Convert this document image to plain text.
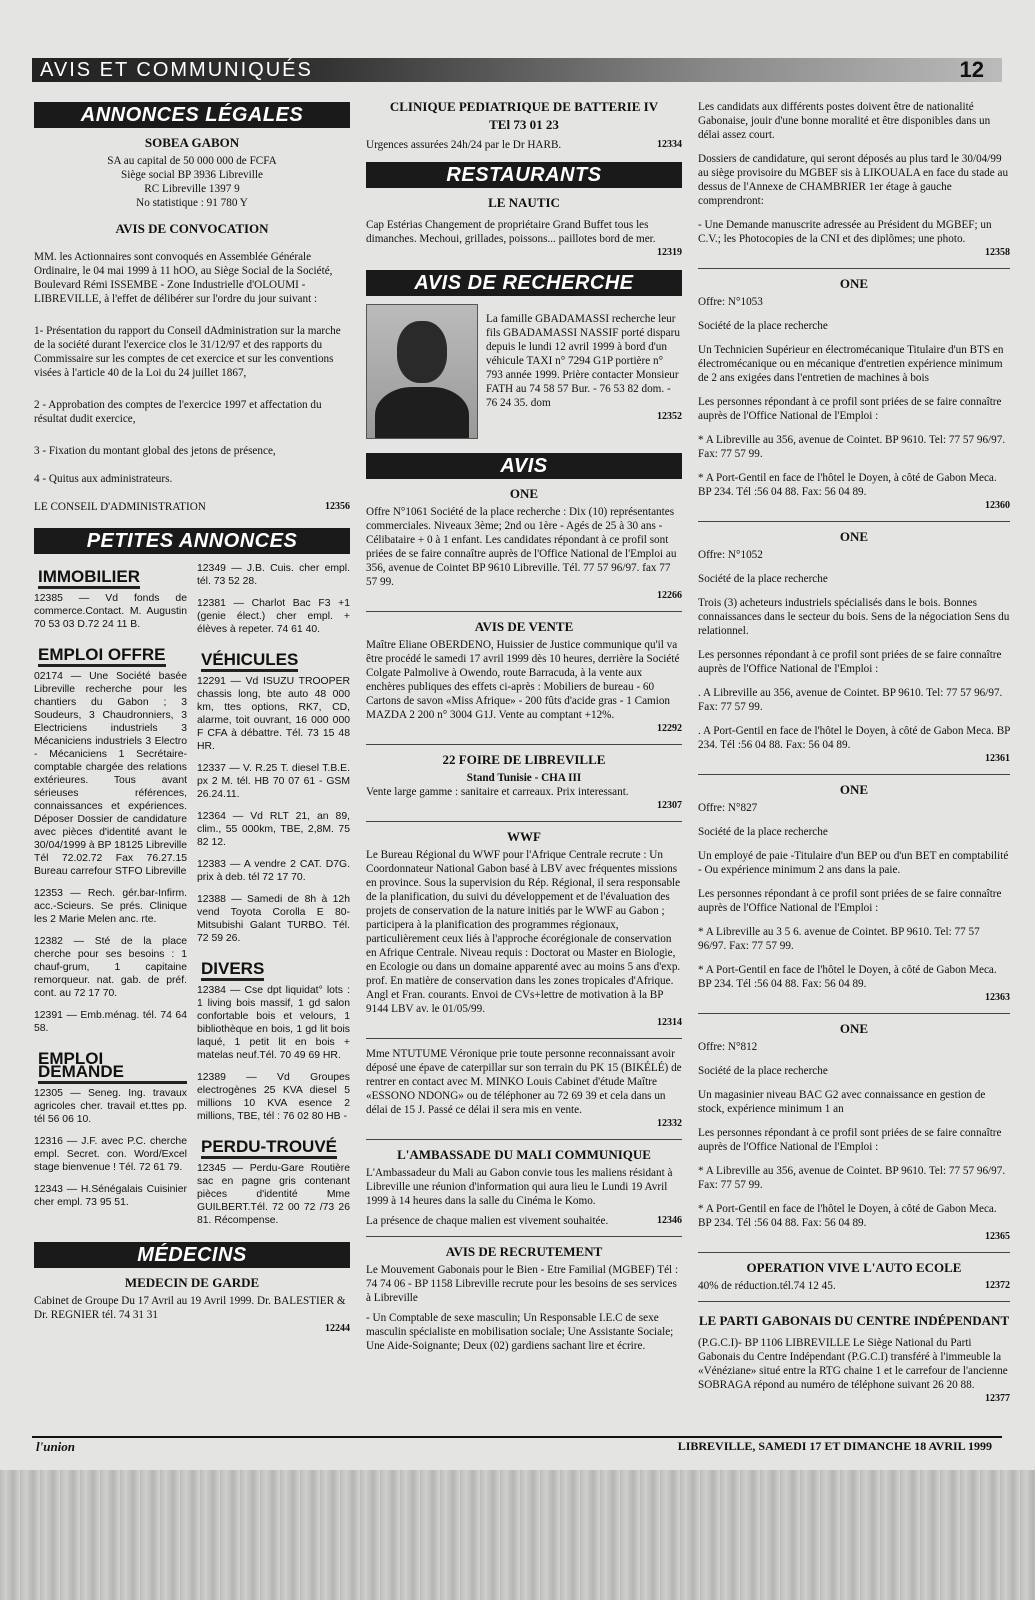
AVIS ET COMMUNIQUÉS	12
ANNONCES LÉGALES
SOBEA GABON
SA au capital de 50 000 000 de FCFA
Siège social BP 3936 Libreville
RC Libreville 1397 9
No statistique : 91 780 Y
AVIS DE CONVOCATION

MM. les Actionnaires sont convoqués en Assemblée Générale Ordinaire, le 04 mai 1999 à 11 hOO, au Siège Social de la Société, Boulevard Rémi ISSEMBE - Zone Industrielle d'OLOUMI - LIBREVILLE, à l'effet de délibérer sur l'ordre du jour suivant :

1- Présentation du rapport du Conseil dAdministration sur la marche de la société durant l'exercice clos le 31/12/97 et des rapports du Commissaire sur les comptes de cet exercice et sur les conventions visées à l'article 40 de la Loi du 24 juillet 1867,

2 - Approbation des comptes de l'exercice 1997 et affectation du résultat dudit exercice,

3 - Fixation du montant global des jetons de présence,

4 - Quitus aux administrateurs.

LE CONSEIL D'ADMINISTRATION	12356
PETITES ANNONCES
IMMOBILIER

12385 — Vd fonds de commerce.Contact. M. Augustin 70 53 03 D.72 24 11 B.

EMPLOI OFFRE

02174 — Une Société basée Libreville recherche pour les chantiers du Gabon ; 3 Soudeurs, 3 Chaudronniers, 3 Electriciens industriels 3 Mécaniciens industriels 3 Electro - Mécaniciens 1 Secrétaire-comptable chargée des relations extérieures. Tous avant sérieuses références, connaissances et expériences. Déposer Dossier de candidature avec pièces d'identité avant le 30/04/1999 à BP 18125 Libreville Tél 72.02.72 Fax 76.27.15 Bureau carrefour STFO Libreville

12353 — Rech. gér.bar-Infirm. acc.-Scieurs. Se prés. Clinique les 2 Marie Melen anc. rte.

12382 — Sté de la place cherche pour ses besoins : 1 chauf-grum, 1 capitaine remorqueur. nat. gab. de préf. cont. au 72 17 70.

12391 — Emb.ménag. tél. 74 64 58.

EMPLOI DEMANDE

12305 — Seneg. Ing. travaux agricoles cher. travail et.ttes pp. tél 56 06 10.

12316 — J.F. avec P.C. cherche empl. Secret. con. Word/Excel stage bienvenue ! Tél. 72 61 79.

12343 — H.Sénégalais Cuisinier cher empl. 73 95 51.

12349 — J.B. Cuis. cher empl. tél. 73 52 28.

12381 — Charlot Bac F3 +1 (genie élect.) cher empl. + élèves à repeter. 74 61 40.

VÉHICULES

12291 — Vd ISUZU TROOPER chassis long, bte auto 48 000 km, ttes options, RK7, CD, alarme, toit ouvrant, 16 000 000 F CFA à débattre. Tél. 73 15 48 HR.

12337 — V. R.25 T. diesel T.B.E. px 2 M. tél. HB 70 07 61 - GSM 26.24.11.

12364 — Vd RLT 21, an 89, clim., 55 000km, TBE, 2,8M. 75 82 12.

12383 — A vendre 2 CAT. D7G. prix à deb. tél 72 17 70.

12388 — Samedi de 8h à 12h vend Toyota Corolla E 80- Mitsubishi Galant TURBO. Tél. 72 59 26.

DIVERS

12384 — Cse dpt liquidat° lots : 1 living bois massif, 1 gd salon confortable bois et velours, 1 bibliothèque en bois, 1 gd lit bois laqué, 1 petit lit en bois + matelas neuf.Tél. 70 49 69 HR.

12389 — Vd Groupes electrogènes 25 KVA diesel 5 millions 10 KVA esence 2 millions, TBE, tél : 76 02 80 HB -

PERDU-TROUVÉ

12345 — Perdu-Gare Routière sac en pagne gris contenant pièces d'identité Mme GUILBERT.Tél. 72 00 72 /73 26 81. Récompense.

MÉDECINS
MEDECIN DE GARDE
Cabinet de Groupe Du 17 Avril au 19 Avril 1999. Dr. BALESTIER & Dr. REGNIER tél. 74 31 31
12244
CLINIQUE PEDIATRIQUE DE BATTERIE IV
TEl 73 01 23
Urgences assurées 24h/24 par le Dr HARB.	12334
RESTAURANTS
LE NAUTIC
Cap Estérias Changement de propriétaire Grand Buffet tous les dimanches. Mechoui, grillades, poissons... paillotes bord de mer.
12319
AVIS DE RECHERCHE
La famille GBADAMASSI recherche leur fils GBADAMASSI NASSIF porté disparu depuis le lundi 12 avril 1999 à bord d'un véhicule TAXI n° 7294 G1P portière n° 793 année 1999. Prière contacter Monsieur FATH au 74 58 57 Bur. - 76 53 82 dom. - 76 24 35. dom
12352
AVIS
ONE
Offre N°1061 Société de la place recherche : Dix (10) représentantes commerciales. Niveaux 3ème; 2nd ou 1ère - Agés de 25 à 30 ans - Célibataire + 0 à 1 enfant. Les candidates répondant à ce profil sont priées de se faire connaître auprès de l'Office National de l'Emploi au 356, avenue de Cointet BP 9610 Libreville. Tél. 77 57 96/97. fax 77 57 99.
12266
AVIS DE VENTE
Maître Eliane OBERDENO, Huissier de Justice communique qu'il va être procédé le samedi 17 avril 1999 dès 10 heures, derrière la Société Colgate Palmolive à Owendo, route Barracuda, à la vente aux enchères publiques des effets ci-après : Mobiliers de bureau - 60 Cartons de savon «Miss Afrique» - 200 fûts d'acide gras - 1 Camion MAZDA 2 200 n° 3004 G1J. Vente au comptant +12%.
12292
22 FOIRE DE LIBREVILLE
Stand Tunisie - CHA III
Vente large gamme : sanitaire et carreaux. Prix interessant.
12307
WWF
Le Bureau Régional du WWF pour l'Afrique Centrale recrute : Un Coordonnateur National Gabon basé à LBV avec fréquentes missions en province. Sous la supervision du Rép. Régional, il sera responsable de la planification, du suivi du développement et de l'évaluation des projets de conservation de la nature initiés par le WWF au Gabon ; participera à la planification des programmes régionaux, particulièrement ceux liés à l'approche écorégionale de conservation en Afrique Centrale. Niveau requis : Doctorat ou Master en Biologie, en Ecologie ou dans un domaine apparenté avec au moins 5 ans d'exp. prof. En matière de conservation dans les zones tropicales d'Afrique. Angl et Fran. courants. Envoi de CVs+lettre de motivation à la BP 9144 LBV av. le 01/05/99.
12314
Mme NTUTUME Véronique prie toute personne reconnaissant avoir déposé une épave de caterpillar sur son terrain du PK 15 (BIKÉLÉ) de rentrer en contact avec M. MINKO Louis Cabinet d'étude Maître «ESSONO NDONG» ou de téléphoner au 72 69 39 et cela dans un délai de 15 J. Passé ce délai il sera mis en vente.
12332
L'AMBASSADE DU MALI COMMUNIQUE
L'Ambassadeur du Mali au Gabon convie tous les maliens résidant à Libreville une réunion d'information qui aura lieu le Lundi 19 Avril 1999 à 14 heures dans la salle du Cinéma le Komo.
La présence de chaque malien est vivement souhaitée.	12346
AVIS DE RECRUTEMENT

Le Mouvement Gabonais pour le Bien - Etre Familial (MGBEF) Tél : 74 74 06 - BP 1158 Libreville recrute pour les besoins de ses services à Libreville

- Un Comptable de sexe masculin; Un Responsable I.E.C de sexe masculin spécialiste en mobilisation sociale; Une Assistante Sociale; Une Aide-Soignante; Deux (02) gardiens sachant lire et écrire.

Les candidats aux différents postes doivent être de nationalité Gabonaise, jouir d'une bonne moralité et être disponibles dans un délai assez court.

Dossiers de candidature, qui seront déposés au plus tard le 30/04/99 au siège provisoire du MGBEF sis à LIKOUALA en face du stade au dessus de l'Annexe de CHAMBRIER 1er étage à gauche comprendront:

- Une Demande manuscrite adressée au Président du MGBEF; un C.V.; les Photocopies de la CNI et des diplômes; une photo.
12358
ONE

Offre: N°1053

Société de la place recherche

Un Technicien Supérieur en électromécanique Titulaire d'un BTS en électromécanique ou en mécanique d'entretien expérience minimum de 2 ans exigées dans l'entretien de machines à bois

Les personnes répondant à ce profil sont priées de se faire connaître auprès de l'Office National de l'Emploi :

* A Libreville au 356, avenue de Cointet. BP 9610. Tel: 77 57 96/97. Fax: 77 57 99.

* A Port-Gentil en face de l'hôtel le Doyen, à côté de Gabon Meca. BP 234. Tél :56 04 88. Fax: 56 04 89.
12360
ONE

Offre: N°1052

Société de la place recherche

Trois (3) acheteurs industriels spécialisés dans le bois. Bonnes connaissances dans le secteur du bois. Sens de la négociation Sens du relationnel.

Les personnes répondant à ce profil sont priées de se faire connaître auprès de l'Office National de l'Emploi :

. A Libreville au 356, avenue de Cointet. BP 9610. Tel: 77 57 96/97. Fax: 77 57 99.

. A Port-Gentil en face de l'hôtel le Doyen, à côté de Gabon Meca. BP 234. Tél :56 04 88. Fax: 56 04 89.
12361
ONE

Offre: N°827

Société de la place recherche

Un employé de paie -Titulaire d'un BEP ou d'un BET en comptabilité - Ou expérience minimum 2 ans dans la paie.

Les personnes répondant à ce profil sont priées de se faire connaître auprès de l'Office National de l'Emploi :

* A Libreville au 3 5 6. avenue de Cointet. BP 9610. Tel: 77 57 96/97. Fax: 77 57 99.

* A Port-Gentil en face de l'hôtel le Doyen, à côté de Gabon Meca. BP 234. Tél :56 04 88. Fax: 56 04 89.
12363
ONE

Offre: N°812

Société de la place recherche

Un magasinier niveau BAC G2 avec connaissance en gestion de stock, expérience minimum 1 an

Les personnes répondant à ce profil sont priées de se faire connaître auprès de l'Office National de l'Emploi :

* A Libreville au 356, avenue de Cointet. BP 9610. Tel: 77 57 96/97. Fax: 77 57 99.

* A Port-Gentil en face de l'hôtel le Doyen, à côté de Gabon Meca. BP 234. Tél :56 04 88. Fax: 56 04 89.
12365
OPERATION VIVE L'AUTO ECOLE
40% de réduction.tél.74 12 45.	12372
LE PARTI GABONAIS DU CENTRE INDÉPENDANT
(P.G.C.I)- BP 1106 LIBREVILLE Le Siège National du Parti Gabonais du Centre Indépendant (P.G.C.I) transféré à l'immeuble la «Vénéziane» situé entre la RTG chaine 1 et le carrefour de l'ancienne SOBRAGA répond au numéro de téléphone suivant 26 20 88.
12377
l'union	LIBREVILLE, SAMEDI 17 ET DIMANCHE 18 AVRIL 1999
